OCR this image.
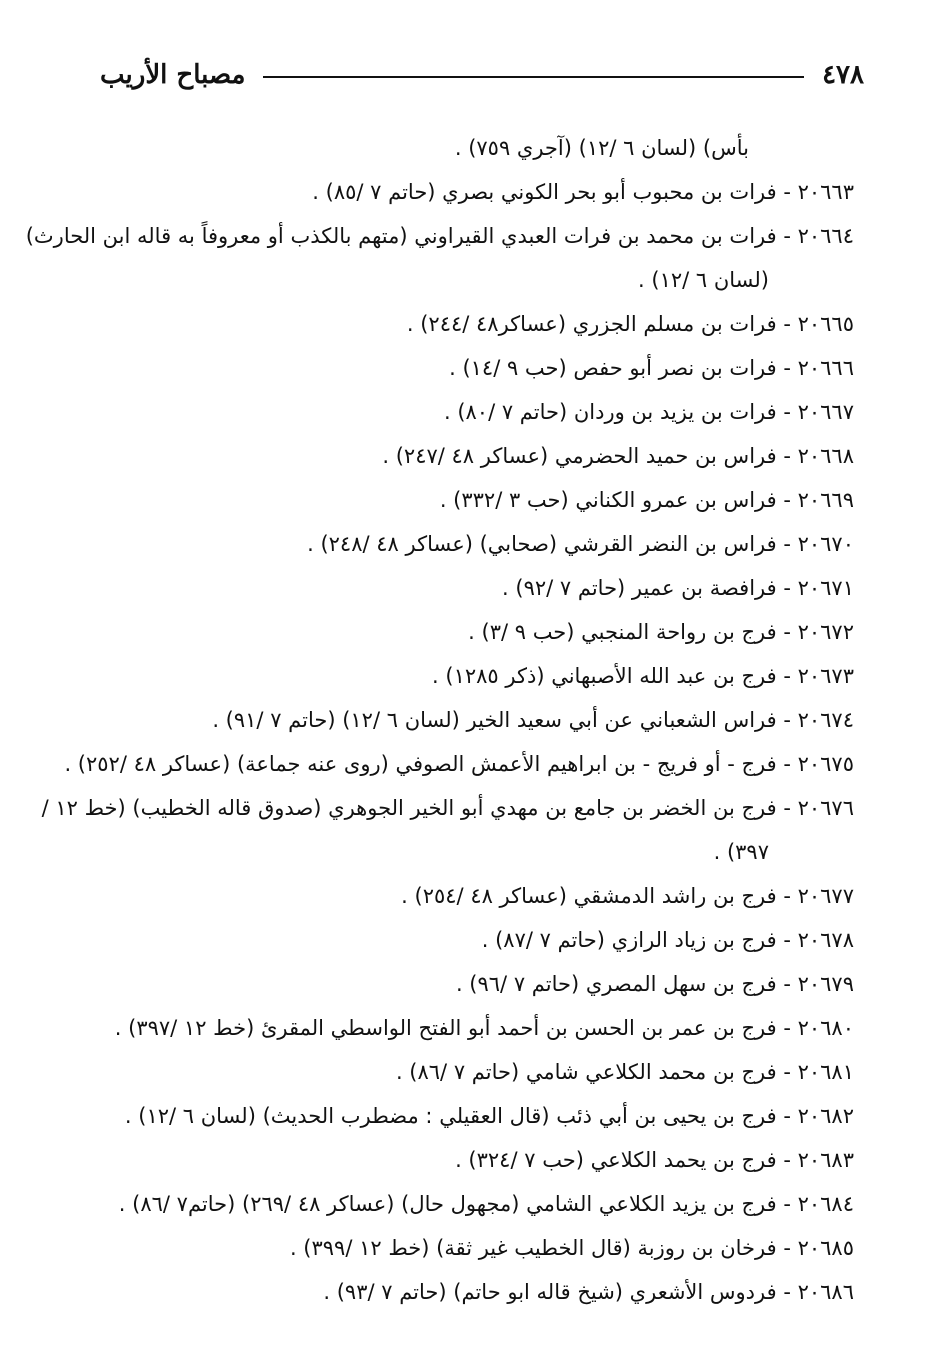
٤٧٨
مصباح الأريب
بأس) (لسان ٦ /١٢) (آجري ٧٥٩) .
٢٠٦٦٣ - فرات بن محبوب أبو بحر الكوني بصري (حاتم ٧ /٨٥) .
٢٠٦٦٤ - فرات بن محمد بن فرات العبدي القيراوني (متهم بالكذب أو معروفاً به قاله ابن الحارث)
(لسان ٦ /١٢) .
٢٠٦٦٥ - فرات بن مسلم الجزري (عساكر٤٨ /٢٤٤) .
٢٠٦٦٦ - فرات بن نصر أبو حفص (حب ٩ /١٤) .
٢٠٦٦٧ - فرات بن يزيد بن وردان (حاتم ٧ /٨٠) .
٢٠٦٦٨ - فراس بن حميد الحضرمي (عساكر ٤٨ /٢٤٧) .
٢٠٦٦٩ - فراس بن عمرو الكناني (حب ٣ /٣٣٢) .
٢٠٦٧٠ - فراس بن النضر القرشي (صحابي) (عساكر ٤٨ /٢٤٨) .
٢٠٦٧١ - فرافصة بن عمير (حاتم ٧ /٩٢) .
٢٠٦٧٢ - فرج بن رواحة المنجبي (حب ٩ /٣) .
٢٠٦٧٣ - فرج بن عبد الله الأصبهاني (ذكر ١٢٨٥) .
٢٠٦٧٤ - فراس الشعباني عن أبي سعيد الخير (لسان ٦ /١٢) (حاتم ٧ /٩١) .
٢٠٦٧٥ - فرج - أو فريج - بن ابراهيم الأعمش الصوفي (روى عنه جماعة) (عساكر ٤٨ /٢٥٢) .
٢٠٦٧٦ - فرج بن الخضر بن جامع بن مهدي أبو الخير الجوهري (صدوق قاله الخطيب) (خط ١٢ /
٣٩٧) .
٢٠٦٧٧ - فرج بن راشد الدمشقي (عساكر ٤٨ /٢٥٤) .
٢٠٦٧٨ - فرج بن زياد الرازي (حاتم ٧ /٨٧) .
٢٠٦٧٩ - فرج بن سهل المصري (حاتم ٧ /٩٦) .
٢٠٦٨٠ - فرج بن عمر بن الحسن بن أحمد أبو الفتح الواسطي المقرئ (خط ١٢ /٣٩٧) .
٢٠٦٨١ - فرج بن محمد الكلاعي شامي (حاتم ٧ /٨٦) .
٢٠٦٨٢ - فرج بن يحيى بن أبي ذئب (قال العقيلي : مضطرب الحديث) (لسان ٦ /١٢) .
٢٠٦٨٣ - فرج بن يحمد الكلاعي (حب ٧ /٣٢٤) .
٢٠٦٨٤ - فرج بن يزيد الكلاعي الشامي (مجهول حال) (عساكر ٤٨ /٢٦٩) (حاتم٧ /٨٦) .
٢٠٦٨٥ - فرخان بن روزبة (قال الخطيب غير ثقة) (خط ١٢ /٣٩٩) .
٢٠٦٨٦ - فردوس الأشعري (شيخ قاله ابو حاتم) (حاتم ٧ /٩٣) .
